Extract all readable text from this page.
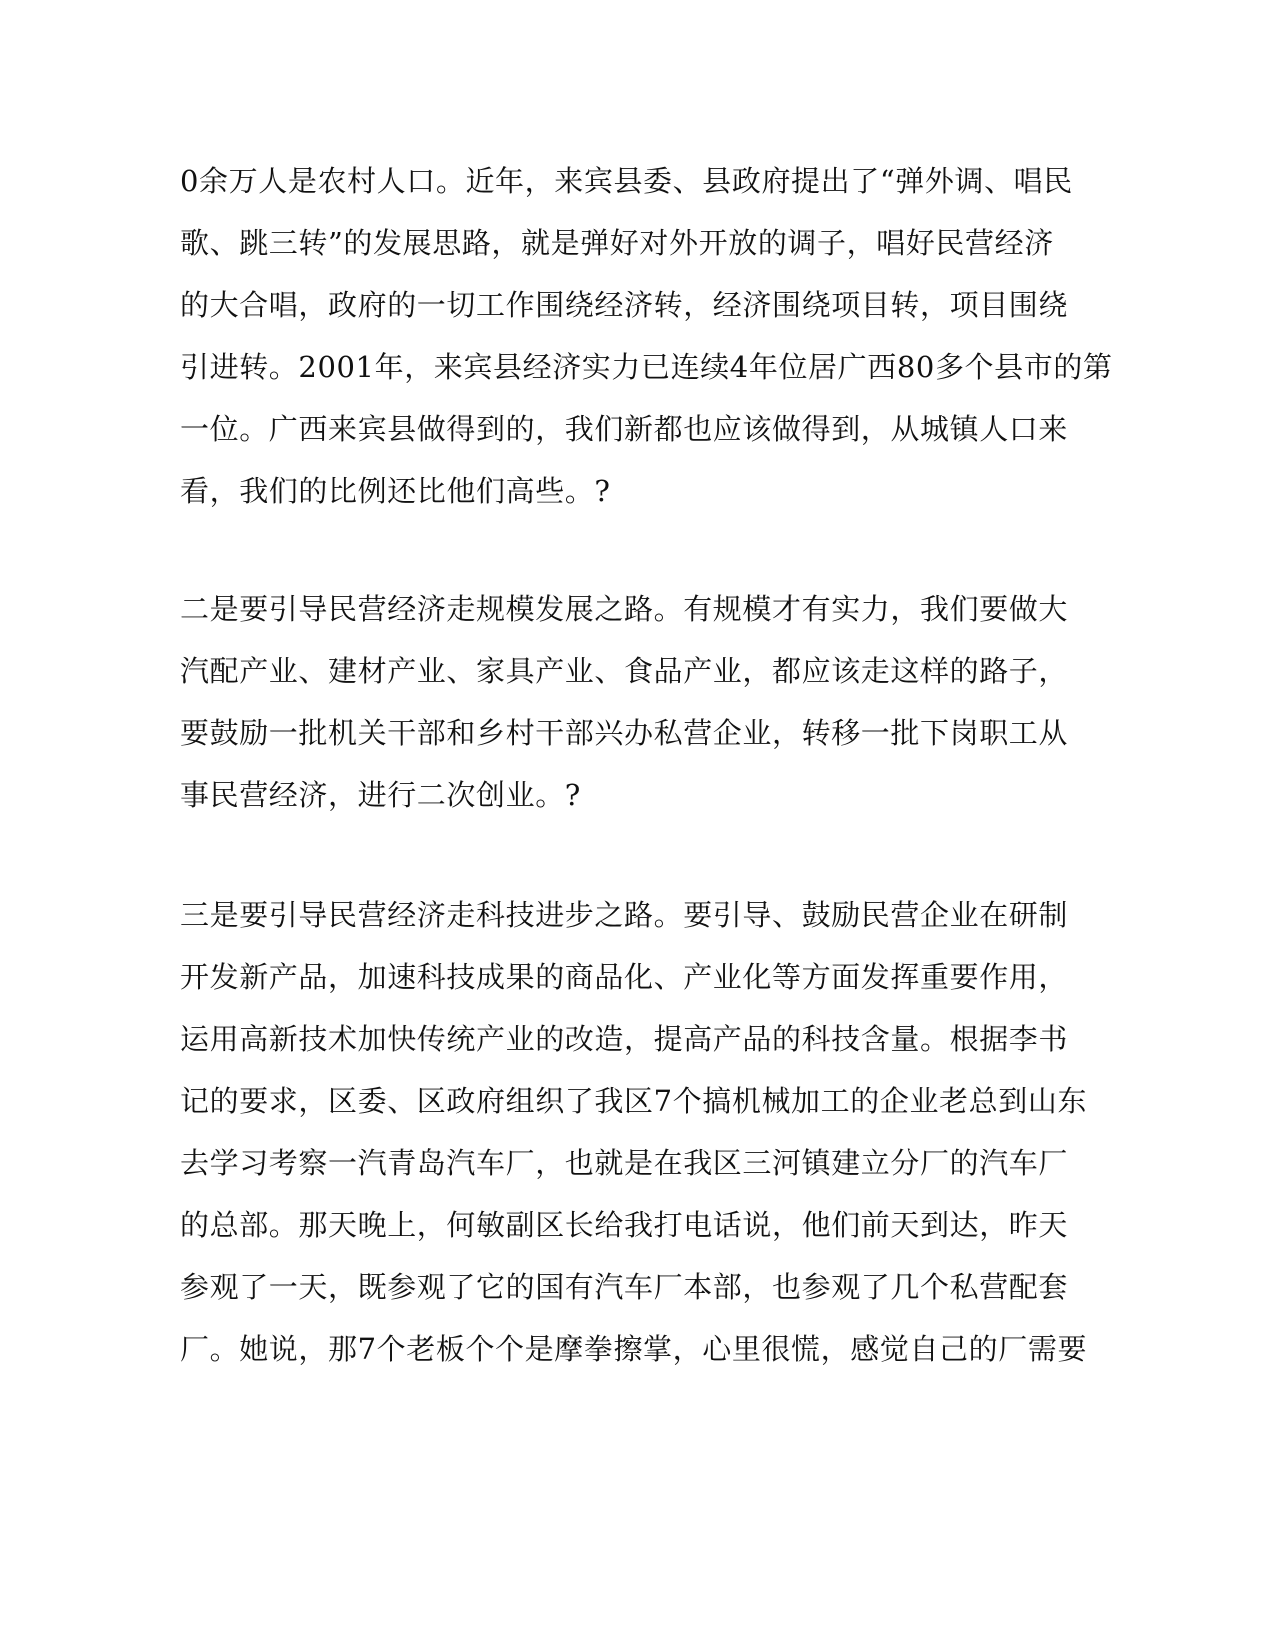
0余万人是农村人口。近年，来宾县委、县政府提出了“弹外调、唱民
歌、跳三转”的发展思路，就是弹好对外开放的调子，唱好民营经济
的大合唱，政府的一切工作围绕经济转，经济围绕项目转，项目围绕
引进转。2001年，来宾县经济实力已连续4年位居广西80多个县市的第
一位。广西来宾县做得到的，我们新都也应该做得到，从城镇人口来
看，我们的比例还比他们高些。?
二是要引导民营经济走规模发展之路。有规模才有实力，我们要做大
汽配产业、建材产业、家具产业、食品产业，都应该走这样的路子，
要鼓励一批机关干部和乡村干部兴办私营企业，转移一批下岗职工从
事民营经济，进行二次创业。?
三是要引导民营经济走科技进步之路。要引导、鼓励民营企业在研制
开发新产品，加速科技成果的商品化、产业化等方面发挥重要作用，
运用高新技术加快传统产业的改造，提高产品的科技含量。根据李书
记的要求，区委、区政府组织了我区7个搞机械加工的企业老总到山东
去学习考察一汽青岛汽车厂，也就是在我区三河镇建立分厂的汽车厂
的总部。那天晚上，何敏副区长给我打电话说，他们前天到达，昨天
参观了一天，既参观了它的国有汽车厂本部，也参观了几个私营配套
厂。她说，那7个老板个个是摩拳擦掌，心里很慌，感觉自己的厂需要
